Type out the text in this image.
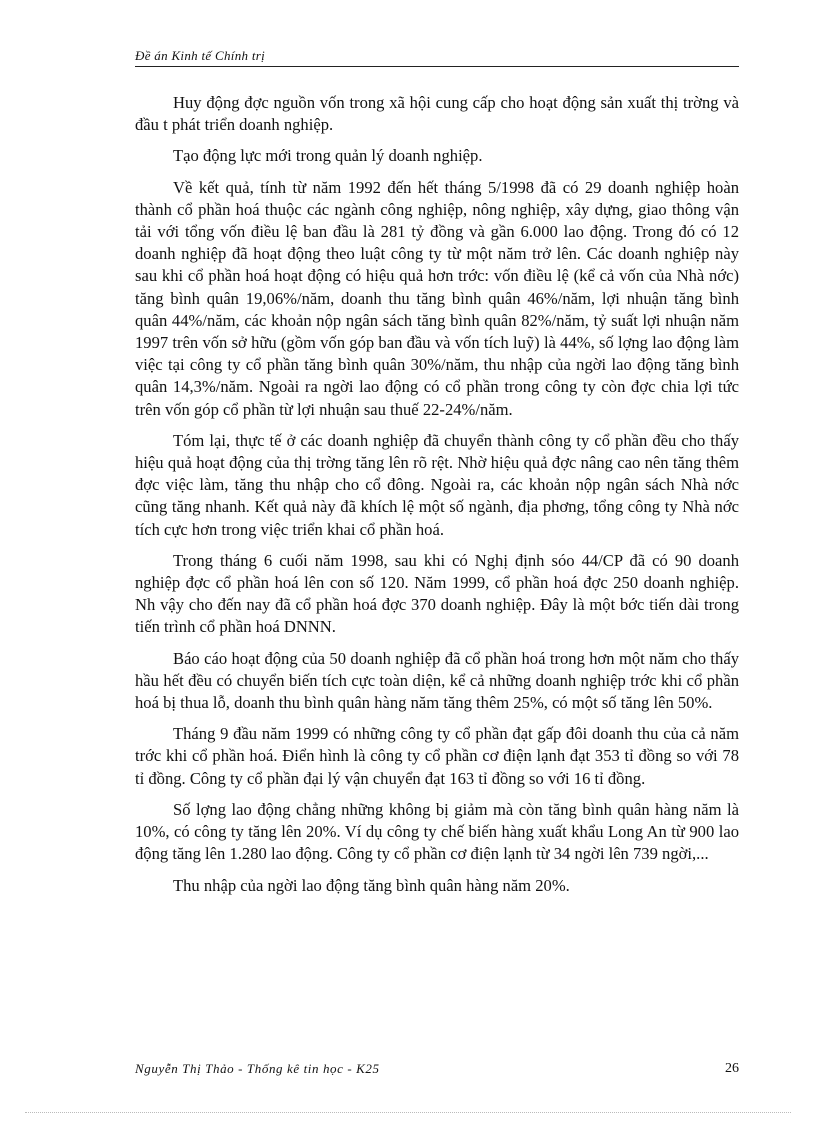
Đề án Kinh tế Chính trị

Huy động đợc nguồn vốn trong xã hội cung cấp cho hoạt động sản xuất thị trờng và đầu t phát triển doanh nghiệp.

Tạo động lực mới trong quản lý doanh nghiệp.

Về kết quả, tính từ năm 1992 đến hết tháng 5/1998 đã có 29 doanh nghiệp hoàn thành cổ phần hoá thuộc các ngành công nghiệp, nông nghiệp, xây dựng, giao thông vận tải với tổng vốn điều lệ ban đầu là 281 tỷ đồng và gần 6.000 lao động. Trong đó có 12 doanh nghiệp đã hoạt động theo luật công ty từ một năm trở lên. Các doanh nghiệp này sau khi cổ phần hoá hoạt động có hiệu quả hơn trớc: vốn điều lệ (kể cả vốn của Nhà nớc) tăng bình quân 19,06%/năm, doanh thu tăng bình quân 46%/năm, lợi nhuận tăng bình quân 44%/năm, các khoản nộp ngân sách tăng bình quân 82%/năm, tỷ suất lợi nhuận năm 1997 trên vốn sở hữu (gồm vốn góp ban đầu và vốn tích luỹ) là 44%, số lợng lao động làm việc tại công ty cổ phần tăng bình quân 30%/năm, thu nhập của ngời lao động tăng bình quân 14,3%/năm. Ngoài ra ngời lao động có cổ phần trong công ty còn đợc chia lợi tức trên vốn góp cổ phần từ lợi nhuận sau thuế 22-24%/năm.

Tóm lại, thực tế ở các doanh nghiệp đã chuyển thành công ty cổ phần đều cho thấy hiệu quả hoạt động của thị trờng tăng lên rõ rệt. Nhờ hiệu quả đợc nâng cao nên tăng thêm đợc việc làm, tăng thu nhập cho cổ đông. Ngoài ra, các khoản nộp ngân sách Nhà nớc cũng tăng nhanh. Kết quả này đã khích lệ một số ngành, địa phơng, tổng công ty Nhà nớc tích cực hơn trong việc triển khai cổ phần hoá.

Trong tháng 6 cuối năm 1998, sau khi có Nghị định sóo 44/CP đã có 90 doanh nghiệp đợc cổ phần hoá lên con số 120. Năm 1999, cổ phần hoá đợc 250 doanh nghiệp. Nh vậy cho đến nay đã cổ phần hoá đợc 370 doanh nghiệp. Đây là một bớc tiến dài trong tiến trình cổ phần hoá DNNN.

Báo cáo hoạt động của 50 doanh nghiệp đã cổ phần hoá trong hơn một năm cho thấy hầu hết đều có chuyển biến tích cực toàn diện, kể cả những doanh nghiệp trớc khi cổ phần hoá bị thua lỗ, doanh thu bình quân hàng năm tăng thêm 25%, có một số tăng lên 50%.

Tháng 9 đầu năm 1999 có những công ty cổ phần đạt gấp đôi doanh thu của cả năm trớc khi cổ phần hoá. Điển hình là công ty cổ phần cơ điện lạnh đạt 353 tỉ đồng so với 78 tỉ đồng. Công ty cổ phần đại lý vận chuyển đạt 163 tỉ đồng so với 16 tỉ đồng.

Số lợng lao động chẳng những không bị giảm mà còn tăng bình quân hàng năm là 10%, có công ty tăng lên 20%. Ví dụ công ty chế biến hàng xuất khẩu Long An từ 900 lao động tăng lên 1.280 lao động. Công ty cổ phần cơ điện lạnh từ 34 ngời lên 739 ngời,...

Thu nhập của ngời lao động tăng bình quân hàng năm 20%.

Nguyễn Thị Thảo - Thống kê tin học - K25	26
